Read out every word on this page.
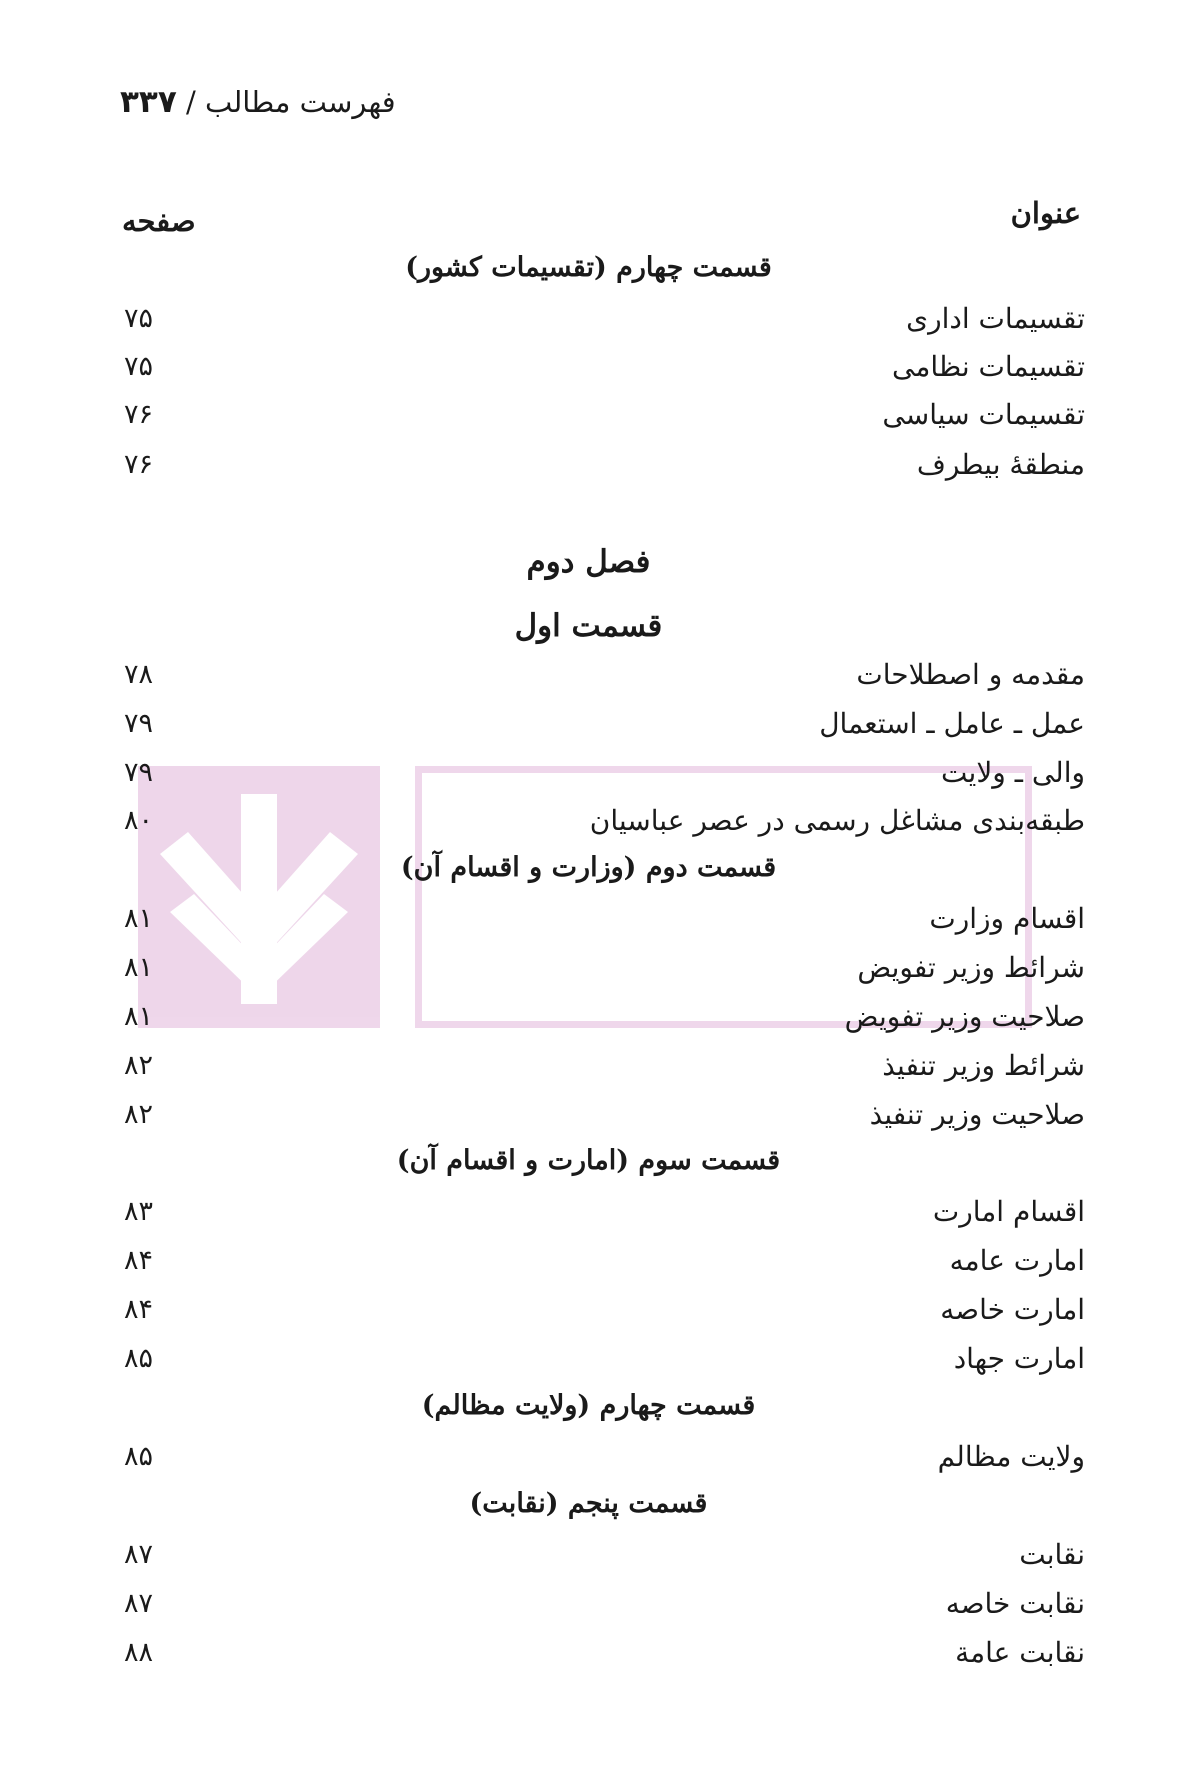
فهرست مطالب / ۳۳۷
عنوان
صفحه
قسمت چهارم (تقسیمات کشور)
تقسیمات اداری
۷۵
تقسیمات نظامی
۷۵
تقسیمات سیاسی
۷۶
منطقهٔ بیطرف
۷۶
فصل دوم
قسمت اول
مقدمه و اصطلاحات
۷۸
عمل ـ عامل ـ استعمال
۷۹
والی ـ ولایت
۷۹
طبقه‌بندی مشاغل رسمی در عصر عباسیان
۸۰
قسمت دوم (وزارت و اقسام آن)
اقسام وزارت
۸۱
شرائط وزیر تفویض
۸۱
صلاحیت وزیر تفویض
۸۱
شرائط وزیر تنفیذ
۸۲
صلاحیت وزیر تنفیذ
۸۲
قسمت سوم (امارت و اقسام آن)
اقسام امارت
۸۳
امارت عامه
۸۴
امارت خاصه
۸۴
امارت جهاد
۸۵
قسمت چهارم (ولایت مظالم)
ولایت مظالم
۸۵
قسمت پنجم (نقابت)
نقابت
۸۷
نقابت خاصه
۸۷
نقابت عامة
۸۸
